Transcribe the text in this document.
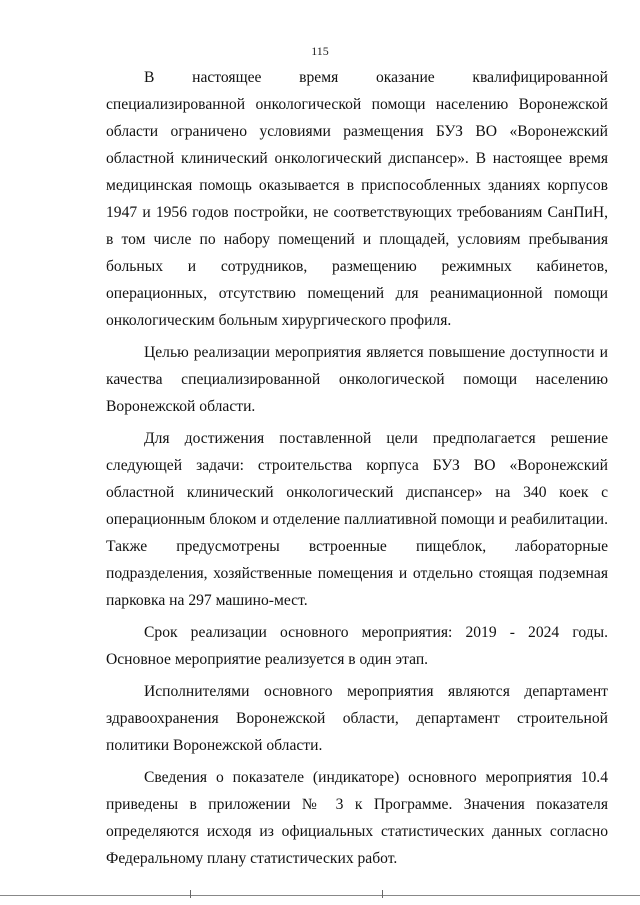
115

В настоящее время оказание квалифицированной специализированной онкологической помощи населению Воронежской области ограничено условиями размещения БУЗ ВО «Воронежский областной клинический онкологический диспансер». В настоящее время медицинская помощь оказывается в приспособленных зданиях корпусов 1947 и 1956 годов постройки, не соответствующих требованиям СанПиН, в том числе по набору помещений и площадей, условиям пребывания больных и сотрудников, размещению режимных кабинетов, операционных, отсутствию помещений для реанимационной помощи онкологическим больным хирургического профиля.

Целью реализации мероприятия является повышение доступности и качества специализированной онкологической помощи населению Воронежской области.

Для достижения поставленной цели предполагается решение следующей задачи: строительства корпуса БУЗ ВО «Воронежский областной клинический онкологический диспансер» на 340 коек с операционным блоком и отделение паллиативной помощи и реабилитации. Также предусмотрены встроенные пищеблок, лабораторные подразделения, хозяйственные помещения и отдельно стоящая подземная парковка на 297 машино-мест.

Срок реализации основного мероприятия: 2019 - 2024 годы. Основное мероприятие реализуется в один этап.

Исполнителями основного мероприятия являются департамент здравоохранения Воронежской области, департамент строительной политики Воронежской области.

Сведения о показателе (индикаторе) основного мероприятия 10.4 приведены в приложении № 3 к Программе. Значения показателя определяются исходя из официальных статистических данных согласно Федеральному плану статистических работ.
